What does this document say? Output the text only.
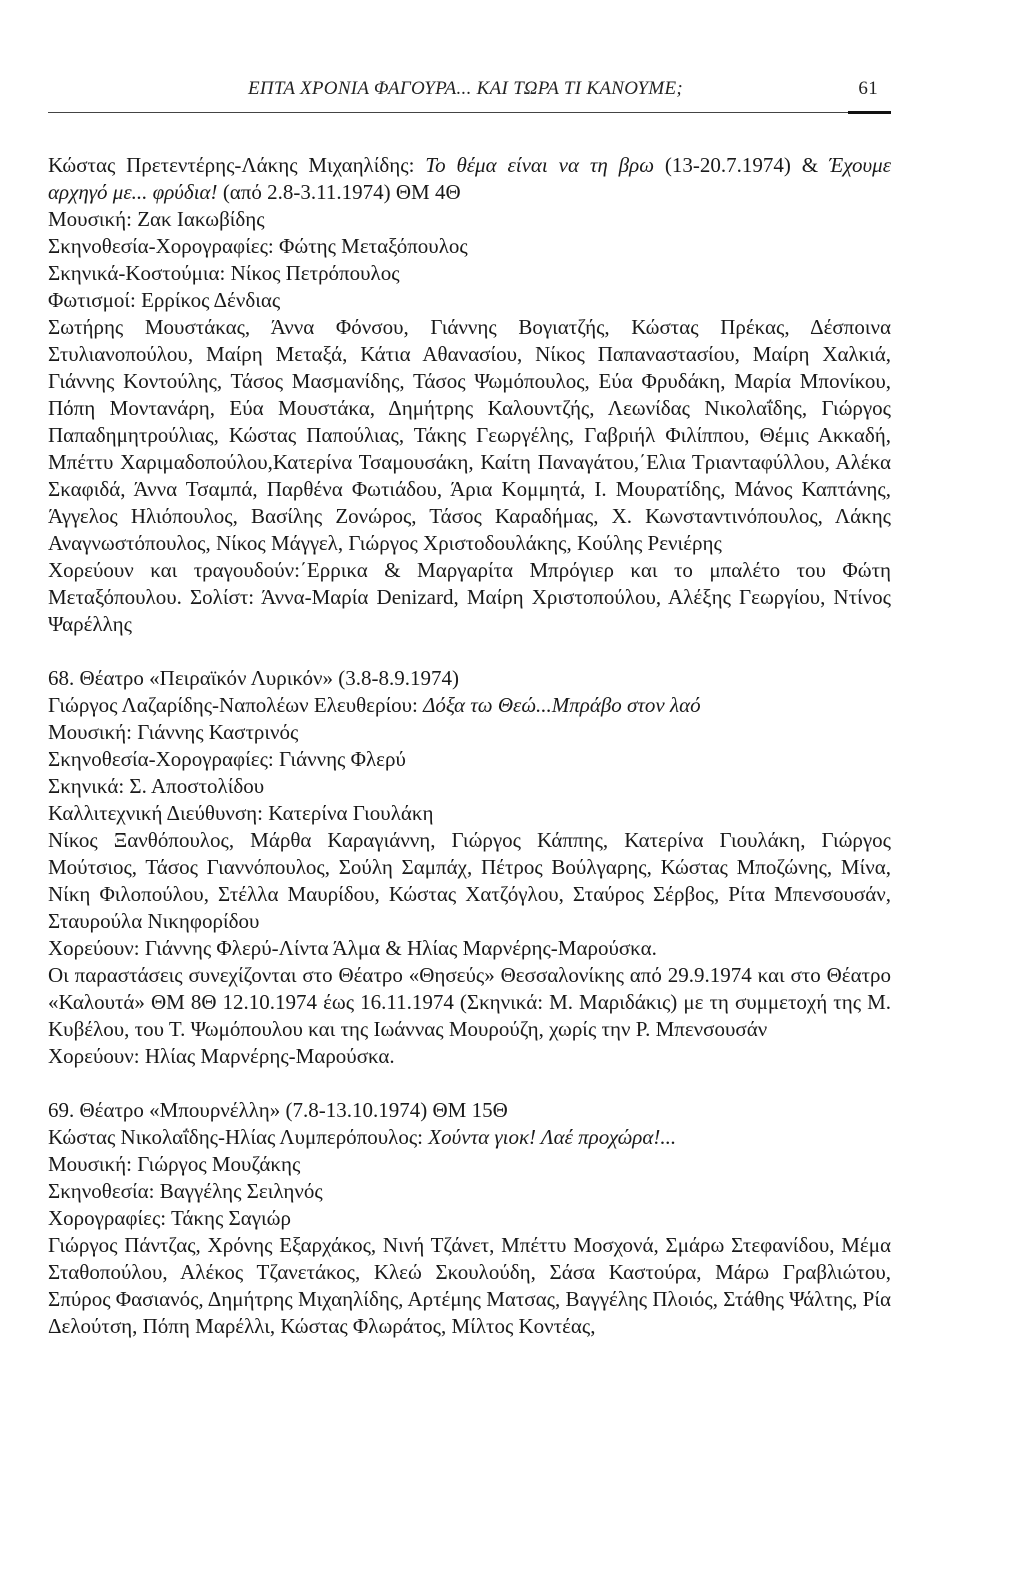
ΕΠΤΑ ΧΡΟΝΙΑ ΦΑΓΟΥΡΑ... ΚΑΙ ΤΩΡΑ ΤΙ ΚΑΝΟΥΜΕ;	61

Κώστας Πρετεντέρης-Λάκης Μιχαηλίδης: Το θέμα είναι να τη βρω (13-20.7.1974) & Έχουμε αρχηγό με... φρύδια! (από 2.8-3.11.1974) ΘΜ 4Θ

Μουσική: Ζακ Ιακωβίδης

Σκηνοθεσία-Χορογραφίες: Φώτης Μεταξόπουλος

Σκηνικά-Κοστούμια: Νίκος Πετρόπουλος

Φωτισμοί: Ερρίκος Δένδιας

Σωτήρης Μουστάκας, Άννα Φόνσου, Γιάννης Βογιατζής, Κώστας Πρέκας, Δέσποινα Στυλιανοπούλου, Μαίρη Μεταξά, Κάτια Αθανασίου, Νίκος Παπαναστασίου, Μαίρη Χαλκιά, Γιάννης Κοντούλης, Τάσος Μασμανίδης, Τάσος Ψωμόπουλος, Εύα Φρυδάκη, Μαρία Μπονίκου, Πόπη Μοντανάρη, Εύα Μουστάκα, Δημήτρης Καλουντζής, Λεωνίδας Νικολαΐδης, Γιώργος Παπαδημητρούλιας, Κώστας Παπούλιας, Τάκης Γεωργέλης, Γαβριήλ Φιλίππου, Θέμις Ακκαδή, Μπέττυ Χαριμαδοπούλου,Κατερίνα Τσαμουσάκη, Καίτη Παναγάτου,΄Ελια Τριανταφύλλου, Αλέκα Σκαφιδά, Άννα Τσαμπά, Παρθένα Φωτιάδου, Άρια Κομμητά, Ι. Μουρατίδης, Μάνος Καπτάνης, Άγγελος Ηλιόπουλος, Βασίλης Ζονώρος, Τάσος Καραδήμας, Χ. Κωνσταντινόπουλος, Λάκης Αναγνωστόπουλος, Νίκος Μάγγελ, Γιώργος Χριστοδουλάκης, Κούλης Ρενιέρης

Χορεύουν και τραγουδούν:΄Ερρικα & Μαργαρίτα Μπρόγιερ και το μπαλέτο του Φώτη Μεταξόπουλου. Σολίστ: Άννα-Μαρία Denizard, Μαίρη Χριστοπούλου, Αλέξης Γεωργίου, Ντίνος Ψαρέλλης

68. Θέατρο «Πειραϊκόν Λυρικόν» (3.8-8.9.1974)

Γιώργος Λαζαρίδης-Ναπολέων Ελευθερίου: Δόξα τω Θεώ...Μπράβο στον λαό

Μουσική: Γιάννης Καστρινός

Σκηνοθεσία-Χορογραφίες: Γιάννης Φλερύ

Σκηνικά: Σ. Αποστολίδου

Καλλιτεχνική Διεύθυνση: Κατερίνα Γιουλάκη

Νίκος Ξανθόπουλος, Μάρθα Καραγιάννη, Γιώργος Κάππης, Κατερίνα Γιουλάκη, Γιώργος Μούτσιος, Τάσος Γιαννόπουλος, Σούλη Σαμπάχ, Πέτρος Βούλγαρης, Κώστας Μποζώνης, Μίνα, Νίκη Φιλοπούλου, Στέλλα Μαυρίδου, Κώστας Χατζόγλου, Σταύρος Σέρβος, Ρίτα Μπενσουσάν, Σταυρούλα Νικηφορίδου

Χορεύουν: Γιάννης Φλερύ-Λίντα Άλμα & Ηλίας Μαρνέρης-Μαρούσκα.

Οι παραστάσεις συνεχίζονται στο Θέατρο «Θησεύς» Θεσσαλονίκης από 29.9.1974 και στο Θέατρο «Καλουτά» ΘΜ 8Θ 12.10.1974 έως 16.11.1974 (Σκηνικά: Μ. Μαριδάκις) με τη συμμετοχή της Μ. Κυβέλου, του Τ. Ψωμόπουλου και της Ιωάννας Μουρούζη, χωρίς την Ρ. Μπενσουσάν

Χορεύουν: Ηλίας Μαρνέρης-Μαρούσκα.

69. Θέατρο «Μπουρνέλλη» (7.8-13.10.1974) ΘΜ 15Θ

Κώστας Νικολαΐδης-Ηλίας Λυμπερόπουλος: Χούντα γιοκ! Λαέ προχώρα!...

Μουσική: Γιώργος Μουζάκης

Σκηνοθεσία: Βαγγέλης Σειληνός

Χορογραφίες: Τάκης Σαγιώρ

Γιώργος Πάντζας, Χρόνης Εξαρχάκος, Νινή Τζάνετ, Μπέττυ Μοσχονά, Σμάρω Στεφανίδου, Μέμα Σταθοπούλου, Αλέκος Τζανετάκος, Κλεώ Σκουλούδη, Σάσα Καστούρα, Μάρω Γραβλιώτου, Σπύρος Φασιανός, Δημήτρης Μιχαηλίδης, Αρτέμης Ματσας, Βαγγέλης Πλοιός, Στάθης Ψάλτης, Ρία Δελούτση, Πόπη Μαρέλλι, Κώστας Φλωράτος, Μίλτος Κοντέας,
